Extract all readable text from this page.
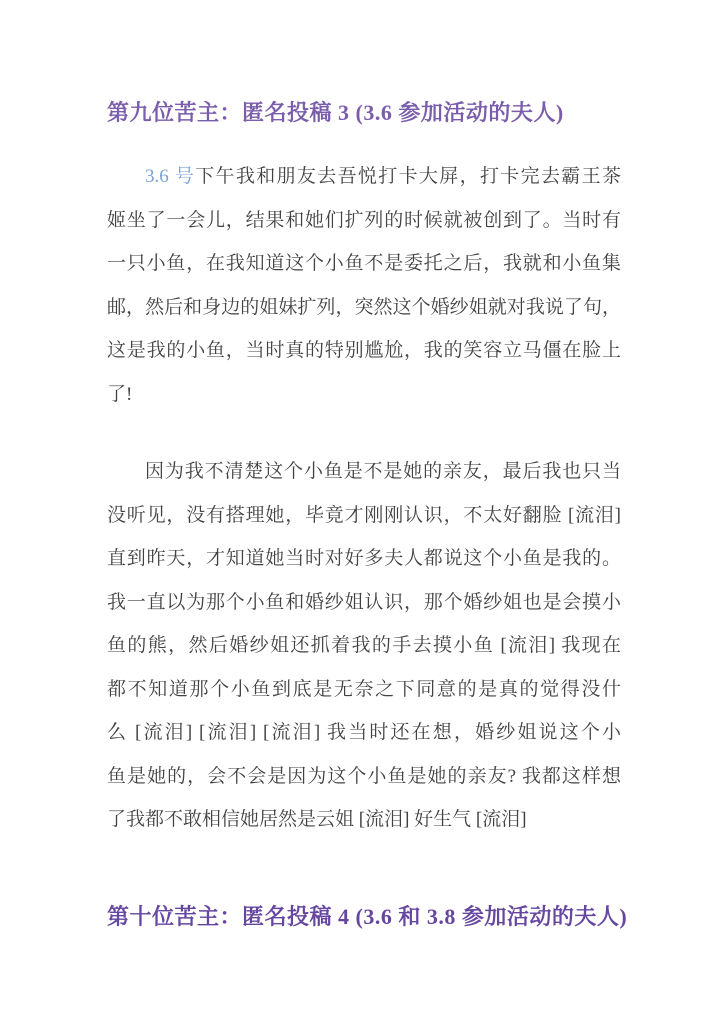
第九位苦主：匿名投稿 3 (3.6 参加活动的夫人)
3.6 号下午我和朋友去吾悦打卡大屏，打卡完去霸王茶
姬坐了一会儿，结果和她们扩列的时候就被创到了。当时有
一只小鱼，在我知道这个小鱼不是委托之后，我就和小鱼集
邮，然后和身边的姐妹扩列，突然这个婚纱姐就对我说了句，
这是我的小鱼，当时真的特别尴尬，我的笑容立马僵在脸上
了!
因为我不清楚这个小鱼是不是她的亲友，最后我也只当
没听见，没有搭理她，毕竟才刚刚认识，不太好翻脸 [流泪]
直到昨天，才知道她当时对好多夫人都说这个小鱼是我的。
我一直以为那个小鱼和婚纱姐认识，那个婚纱姐也是会摸小
鱼的熊，然后婚纱姐还抓着我的手去摸小鱼 [流泪] 我现在
都不知道那个小鱼到底是无奈之下同意的是真的觉得没什
么 [流泪] [流泪] [流泪] 我当时还在想，婚纱姐说这个小
鱼是她的，会不会是因为这个小鱼是她的亲友? 我都这样想
了我都不敢相信她居然是云姐 [流泪] 好生气 [流泪]
第十位苦主：匿名投稿 4 (3.6 和 3.8 参加活动的夫人)
